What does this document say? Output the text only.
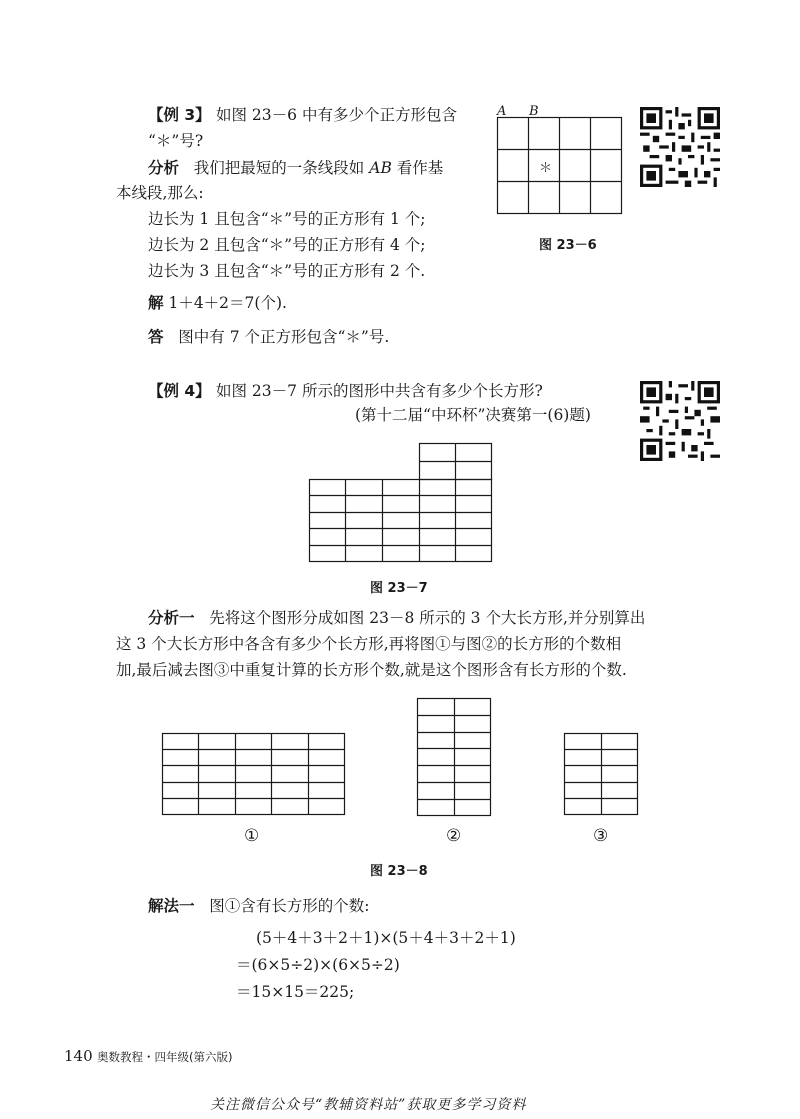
【例 3】 如图 23－6 中有多少个正方形包含
“＊”号?
分析 我们把最短的一条线段如 AB 看作基
本线段,那么:
边长为 1 且包含“＊”号的正方形有 1 个;
边长为 2 且包含“＊”号的正方形有 4 个;
边长为 3 且包含“＊”号的正方形有 2 个.
解 1＋4＋2＝7(个).
答 图中有 7 个正方形包含“＊”号.
A B
＊
图 23－6
【例 4】 如图 23－7 所示的图形中共含有多少个长方形?
(第十二届“中环杯”决赛第一(6)题)
图 23－7
分析一 先将这个图形分成如图 23－8 所示的 3 个大长方形,并分别算出
这 3 个大长方形中各含有多少个长方形,再将图①与图②的长方形的个数相
加,最后减去图③中重复计算的长方形个数,就是这个图形含有长方形的个数.
①	②	③
图 23－8
解法一 图①含有长方形的个数:
(5＋4＋3＋2＋1)×(5＋4＋3＋2＋1)
＝(6×5÷2)×(6×5÷2)
＝15×15＝225;
140 奥数教程・四年级(第六版)
关注微信公众号“教辅资料站”获取更多学习资料
